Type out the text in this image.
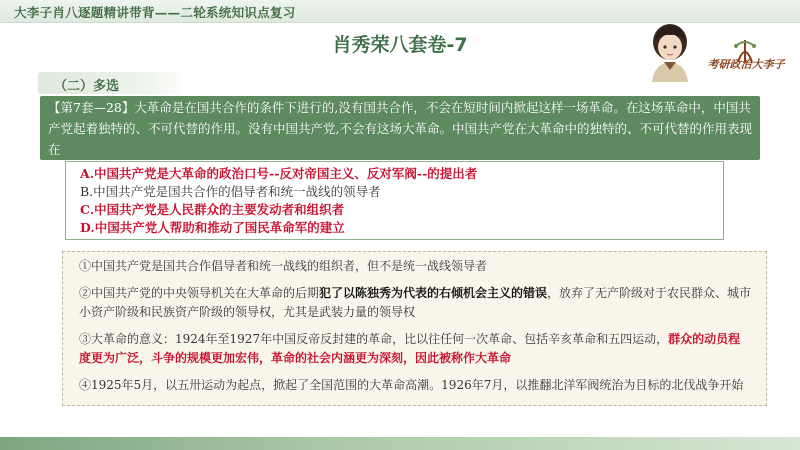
大李子肖八逐题精讲带背——二轮系统知识点复习
肖秀荣八套卷-7
考研政治大李子
（二）多选
【第7套—28】大革命是在国共合作的条件下进行的,没有国共合作，不会在短时间内掀起这样一场革命。在这场革命中，中国共产党起着独特的、不可代替的作用。没有中国共产党,不会有这场大革命。中国共产党在大革命中的独特的、不可代替的作用表现在
A.中国共产党是大革命的政治口号--反对帝国主义、反对军阀--的提出者
B.中国共产党是国共合作的倡导者和统一战线的领导者
C.中国共产党是人民群众的主要发动者和组织者
D.中国共产党人帮助和推动了国民革命军的建立

①中国共产党是国共合作倡导者和统一战线的组织者，但不是统一战线领导者

②中国共产党的中央领导机关在大革命的后期犯了以陈独秀为代表的右倾机会主义的错误，放弃了无产阶级对于农民群众、城市小资产阶级和民族资产阶级的领导权，尤其是武装力量的领导权

③大革命的意义：1924年至1927年中国反帝反封建的革命，比以往任何一次革命、包括辛亥革命和五四运动，群众的动员程度更为广泛，斗争的规模更加宏伟，革命的社会内涵更为深刻，因此被称作大革命

④1925年5月，以五卅运动为起点，掀起了全国范围的大革命高潮。1926年7月，以推翻北洋军阀统治为目标的北伐战争开始
